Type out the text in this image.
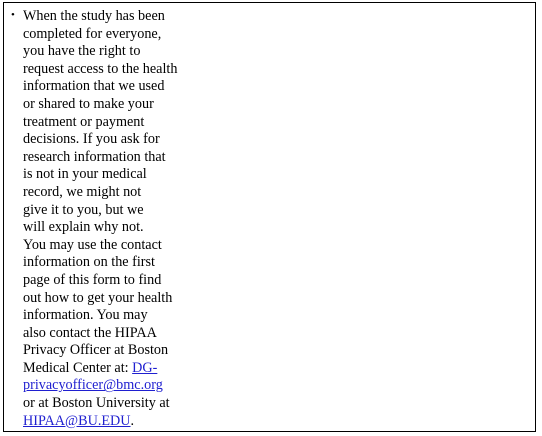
• When the study has been
completed for everyone,
you have the right to
request access to the health
information that we used
or shared to make your
treatment or payment
decisions. If you ask for
research information that
is not in your medical
record, we might not
give it to you, but we
will explain why not.
You may use the contact
information on the first
page of this form to find
out how to get your health
information. You may
also contact the HIPAA
Privacy Officer at Boston
Medical Center at: DG-
privacyofficer@bmc.org
or at Boston University at
HIPAA@BU.EDU.
